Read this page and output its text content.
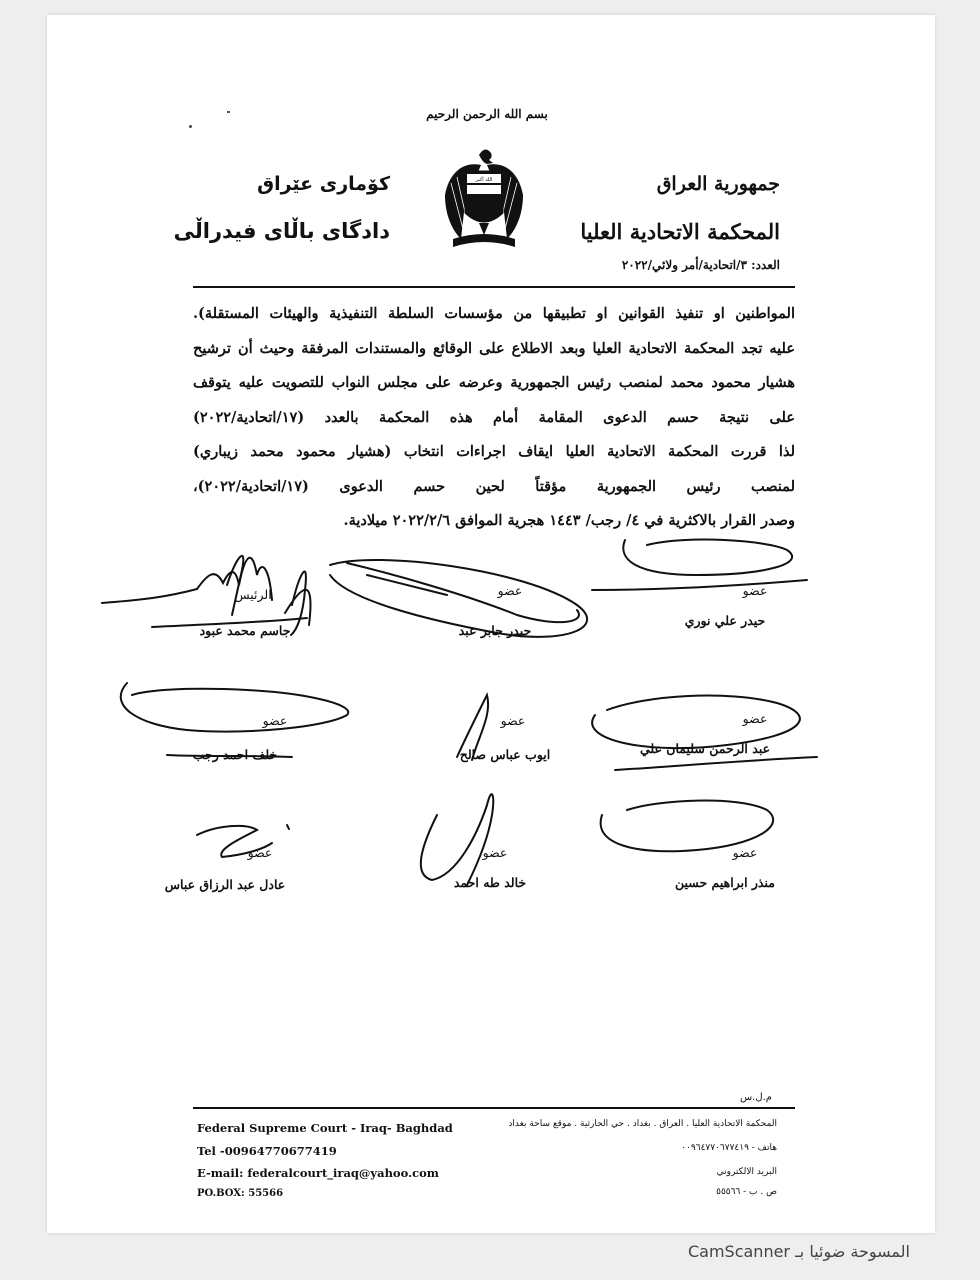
بسم الله الرحمن الرحيم
جمهورية العراق
المحكمة الاتحادية العليا
العدد: ٣/اتحادية/أمر ولائي/٢٠٢٢
كۆماری عێراق
دادگای باڵای فیدراڵی
الله أكبر

المواطنين او تنفيذ القوانين او تطبيقها من مؤسسات السلطة التنفيذية والهيئات المستقلة).

عليه تجد المحكمة الاتحادية العليا وبعد الاطلاع على الوقائع والمستندات المرفقة وحيث أن ترشيح

هشيار محمود محمد لمنصب رئيس الجمهورية وعرضه على مجلس النواب للتصويت عليه يتوقف

على نتيجة حسم الدعوى المقامة أمام هذه المحكمة بالعدد (١٧/اتحادية/٢٠٢٢)

لذا قررت المحكمة الاتحادية العليا ايقاف اجراءات انتخاب (هشيار محمود محمد زيباري)

لمنصب رئيس الجمهورية مؤقتاً لحين حسم الدعوى (١٧/اتحادية/٢٠٢٢)،

وصدر القرار بالاكثرية في ٤/ رجب/ ١٤٤٣ هجرية الموافق ٢٠٢٢/٢/٦ ميلادية.

الرئيس
جاسم محمد عبود
عضو
حيدر جابر عبد
عضو
حيدر علي نوري
عضو
خلف احمد رجب
عضو
ايوب عباس صالح
عضو
عبد الرحمن سليمان علي
عضو
عادل عبد الرزاق عباس
عضو
خالد طه احمد
عضو
منذر ابراهيم حسين
م.ل.س
Federal Supreme Court - Iraq- Baghdad
Tel -00964770677419
E-mail: federalcourt_iraq@yahoo.com
PO.BOX: 55566
المحكمة الاتحادية العليا . العراق . بغداد . حي الحارثية . موقع ساحة بغداد
هاتف - ٠٠٩٦٤٧٧٠٦٧٧٤١٩
البريد الالكتروني
ص . ب - ٥٥٥٦٦
المسوحة ضوئيا بـ CamScanner
